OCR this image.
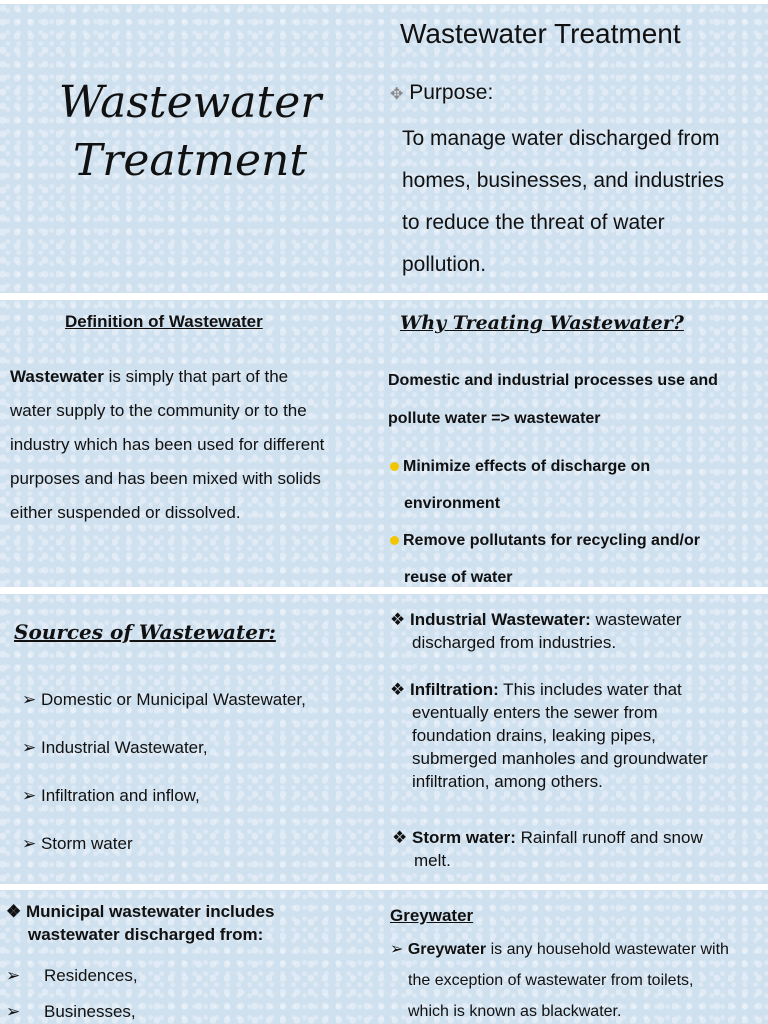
Wastewater
Treatment
Wastewater Treatment
✥ Purpose:
To manage water discharged from
homes, businesses, and industries
to reduce the threat of water
pollution.
Definition of Wastewater
Wastewater is simply that part of the
water supply to the community or to the
industry which has been used for different
purposes and has been mixed with solids
either suspended or dissolved.
Why Treating Wastewater?
Domestic and industrial processes use and
pollute water => wastewater
Minimize effects of discharge on
environment
Remove pollutants for recycling and/or
reuse of water
Sources of Wastewater:
➢ Domestic or Municipal Wastewater,
➢ Industrial Wastewater,
➢ Infiltration and inflow,
➢ Storm water
❖ Industrial Wastewater: wastewater
discharged from industries.
❖ Infiltration: This includes water that
eventually enters the sewer from
foundation drains, leaking pipes,
submerged manholes and groundwater
infiltration, among others.
❖ Storm water: Rainfall runoff and snow
melt.
❖ Municipal wastewater includes
wastewater discharged from:
➢ Residences,
➢ Businesses,
Greywater
➢ Greywater is any household wastewater with
the exception of wastewater from toilets,
which is known as blackwater.
